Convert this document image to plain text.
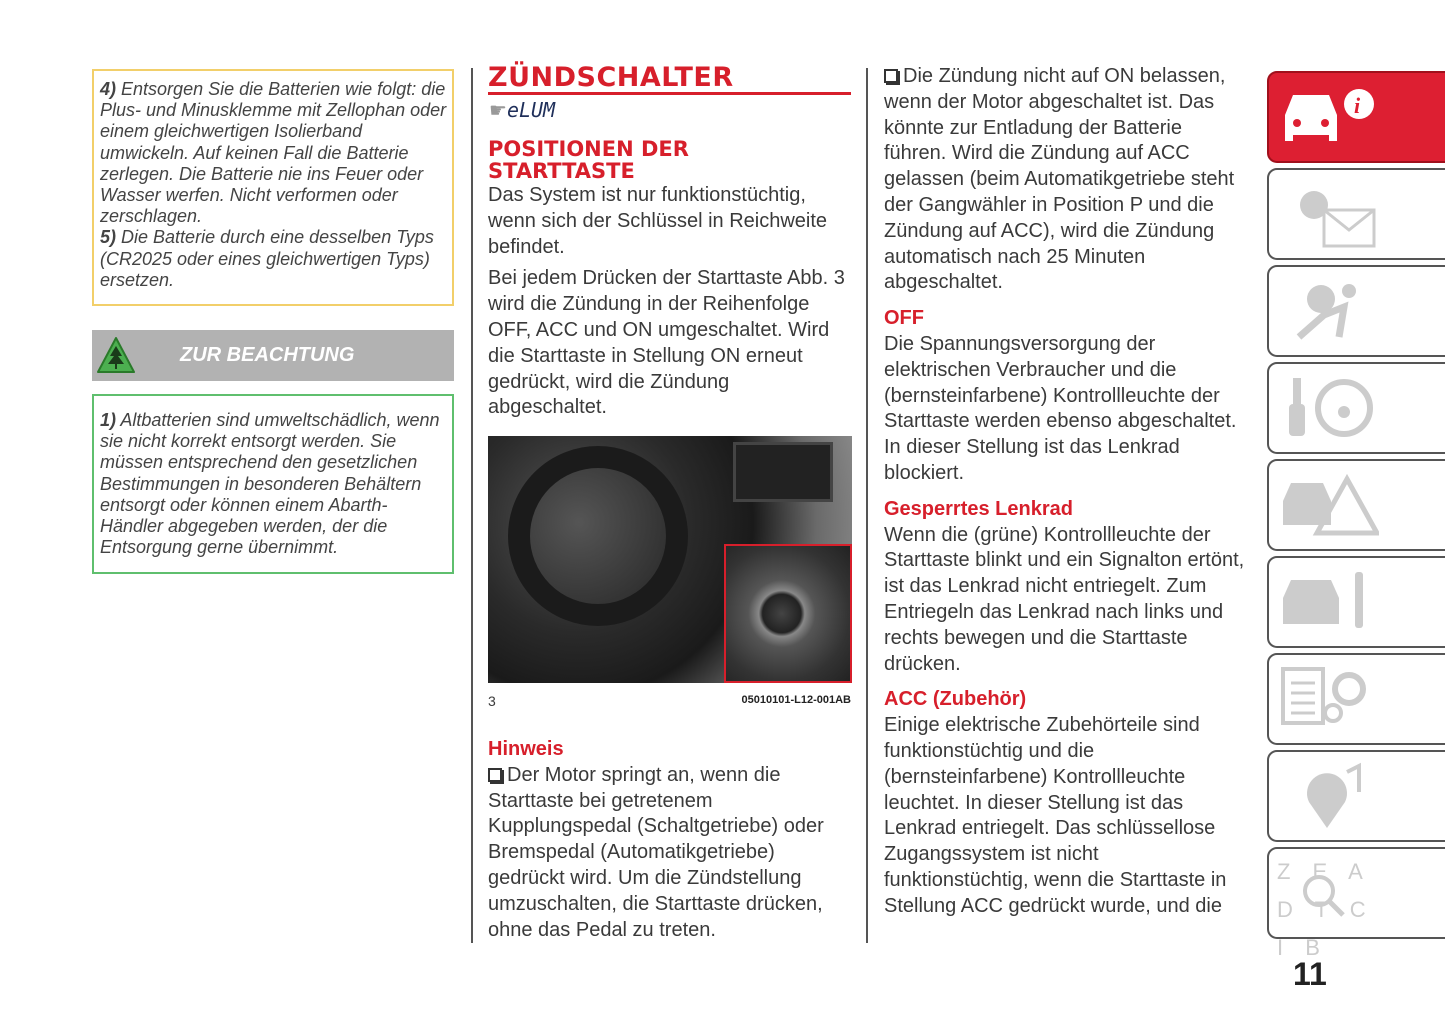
4) Entsorgen Sie die Batterien wie folgt: die Plus- und Minusklemme mit Zellophan oder einem gleichwertigen Isolierband umwickeln. Auf keinen Fall die Batterie zerlegen. Die Batterie nie ins Feuer oder Wasser werfen. Nicht verformen oder zerschlagen.
5) Die Batterie durch eine desselben Typs (CR2025 oder eines gleichwertigen Typs) ersetzen.
ZUR BEACHTUNG
1) Altbatterien sind umweltschädlich, wenn sie nicht korrekt entsorgt werden. Sie müssen entsprechend den gesetzlichen Bestimmungen in besonderen Behältern entsorgt oder können einem Abarth-Händler abgegeben werden, der die Entsorgung gerne übernimmt.
ZÜNDSCHALTER
☛eLUM
POSITIONEN DER STARTTASTE

Das System ist nur funktionstüchtig, wenn sich der Schlüssel in Reichweite befindet.

Bei jedem Drücken der Starttaste Abb. 3 wird die Zündung in der Reihenfolge OFF, ACC und ON umgeschaltet. Wird die Starttaste in Stellung ON erneut gedrückt, wird die Zündung abgeschaltet.

3	05010101-L12-001AB
Hinweis

Der Motor springt an, wenn die Starttaste bei getretenem Kupplungspedal (Schaltgetriebe) oder Bremspedal (Automatikgetriebe) gedrückt wird. Um die Zündstellung umzuschalten, die Starttaste drücken, ohne das Pedal zu treten.

Die Zündung nicht auf ON belassen, wenn der Motor abgeschaltet ist. Das könnte zur Entladung der Batterie führen. Wird die Zündung auf ACC gelassen (beim Automatikgetriebe steht der Gangwähler in Position P und die Zündung auf ACC), wird die Zündung automatisch nach 25 Minuten abgeschaltet.

OFF

Die Spannungsversorgung der elektrischen Verbraucher und die (bernsteinfarbene) Kontrollleuchte der Starttaste werden ebenso abgeschaltet. In dieser Stellung ist das Lenkrad blockiert.

Gesperrtes Lenkrad

Wenn die (grüne) Kontrollleuchte der Starttaste blinkt und ein Signalton ertönt, ist das Lenkrad nicht entriegelt. Zum Entriegeln das Lenkrad nach links und rechts bewegen und die Starttaste drücken.

ACC (Zubehör)

Einige elektrische Zubehörteile sind funktionstüchtig und die (bernsteinfarbene) Kontrollleuchte leuchtet. In dieser Stellung ist das Lenkrad entriegelt. Das schlüssellose Zugangssystem ist nicht funktionstüchtig, wenn die Starttaste in Stellung ACC gedrückt wurde, und die

i
Z E A D T C I B
11
